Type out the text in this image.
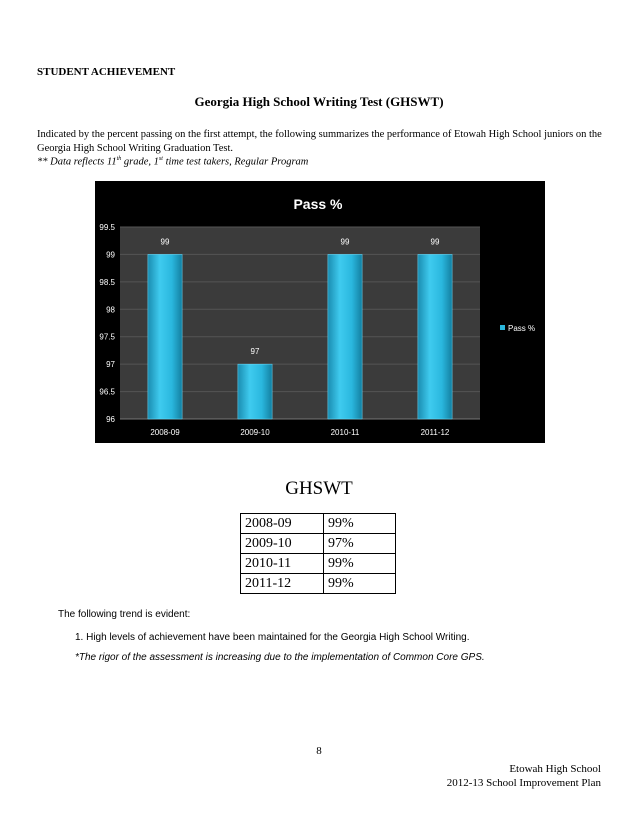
STUDENT ACHIEVEMENT
Georgia High School Writing Test (GHSWT)
Indicated by the percent passing on the first attempt, the following summarizes the performance of Etowah High School juniors on the Georgia High School Writing Graduation Test.
** Data reflects 11th grade, 1st time test takers, Regular Program
Pass %
96
96.5
97
97.5
98
98.5
99
99.5
99
2008-09
97
2009-10
99
2010-11
99
2011-12
Pass %
GHSWT
2008-09	99%
2009-10	97%
2010-11	99%
2011-12	99%
The following trend is evident:
1. High levels of achievement have been maintained for the Georgia High School Writing.
*The rigor of the assessment is increasing due to the implementation of Common Core GPS.
8
Etowah High School
2012-13 School Improvement Plan
